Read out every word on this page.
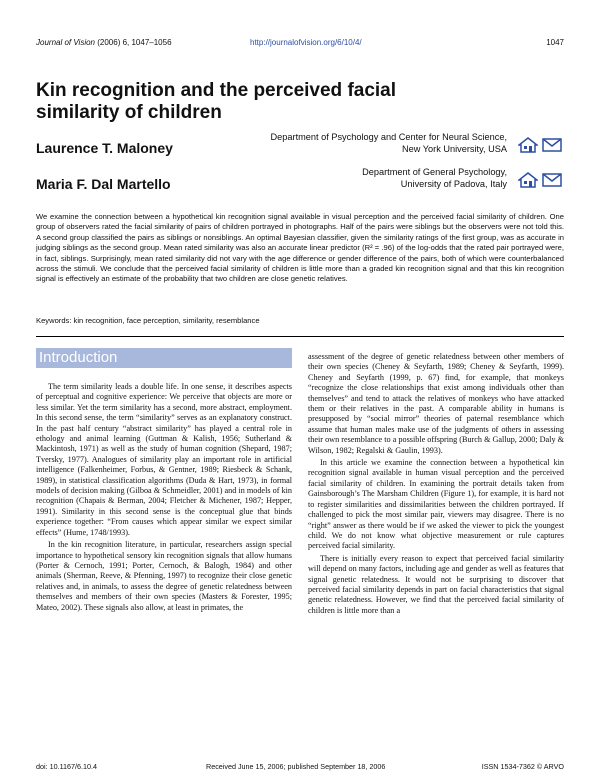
Journal of Vision (2006) 6, 1047–1056	http://journalofvision.org/6/10/4/	1047
Kin recognition and the perceived facial similarity of children
Laurence T. Maloney
Department of Psychology and Center for Neural Science,
New York University, USA
Maria F. Dal Martello
Department of General Psychology,
University of Padova, Italy

We examine the connection between a hypothetical kin recognition signal available in visual perception and the perceived facial similarity of children. One group of observers rated the facial similarity of pairs of children portrayed in photographs. Half of the pairs were siblings but the observers were not told this. A second group classified the pairs as siblings or nonsiblings. An optimal Bayesian classifier, given the similarity ratings of the first group, was as accurate in judging siblings as the second group. Mean rated similarity was also an accurate linear predictor (R² = .96) of the log-odds that the rated pair portrayed were, in fact, siblings. Surprisingly, mean rated similarity did not vary with the age difference or gender difference of the pairs, both of which were counterbalanced across the stimuli. We conclude that the perceived facial similarity of children is little more than a graded kin recognition signal and that this kin recognition signal is effectively an estimate of the probability that two children are close genetic relatives.

Keywords: kin recognition, face perception, similarity, resemblance

Introduction

The term similarity leads a double life. In one sense, it describes aspects of perceptual and cognitive experience: We perceive that objects are more or less similar. Yet the term similarity has a second, more abstract, employment. In this second sense, the term “similarity” serves as an explanatory construct. In the past half century “abstract similarity” has played a central role in ethology and animal learning (Guttman & Kalish, 1956; Sutherland & Mackintosh, 1971) as well as the study of human cognition (Shepard, 1987; Tversky, 1977). Analogues of similarity play an important role in artificial intelligence (Falkenheimer, Forbus, & Gentner, 1989; Riesbeck & Schank, 1989), in statistical classification algorithms (Duda & Hart, 1973), in formal models of decision making (Gilboa & Schmeidler, 2001) and in models of kin recognition (Chapais & Berman, 2004; Fletcher & Michener, 1987; Hepper, 1991). Similarity in this second sense is the conceptual glue that binds experience together: “From causes which appear similar we expect similar effects” (Hume, 1748/1993).

In the kin recognition literature, in particular, researchers assign special importance to hypothetical sensory kin recognition signals that allow humans (Porter & Cernoch, 1991; Porter, Cernoch, & Balogh, 1984) and other animals (Sherman, Reeve, & Pfenning, 1997) to recognize their close genetic relatives and, in animals, to assess the degree of genetic relatedness between themselves and members of their own species (Masters & Forester, 1995; Mateo, 2002). These signals also allow, at least in primates, the

assessment of the degree of genetic relatedness between other members of their own species (Cheney & Seyfarth, 1989; Cheney & Seyfarth, 1999). Cheney and Seyfarth (1999, p. 67) find, for example, that monkeys “recognize the close relationships that exist among individuals other than themselves” and tend to attack the relatives of monkeys who have attacked them or their relatives in the past. A comparable ability in humans is presupposed by “social mirror” theories of paternal resemblance which assume that human males make use of the judgments of others in assessing their own resemblance to a possible offspring (Burch & Gallup, 2000; Daly & Wilson, 1982; Regalski & Gaulin, 1993).

In this article we examine the connection between a hypothetical kin recognition signal available in human visual perception and the perceived facial similarity of children. In examining the portrait details taken from Gainsborough’s The Marsham Children (Figure 1), for example, it is hard not to register similarities and dissimilarities between the children portrayed. If challenged to pick the most similar pair, viewers may disagree. There is no “right” answer as there would be if we asked the viewer to pick the youngest child. We do not know what objective measurement or rule captures perceived facial similarity.

There is initially every reason to expect that perceived facial similarity will depend on many factors, including age and gender as well as features that signal genetic relatedness. It would not be surprising to discover that perceived facial similarity depends in part on facial characteristics that signal genetic relatedness. However, we find that the perceived facial similarity of children is little more than a

doi: 10.1167/6.10.4	Received June 15, 2006; published September 18, 2006	ISSN 1534-7362 © ARVO
